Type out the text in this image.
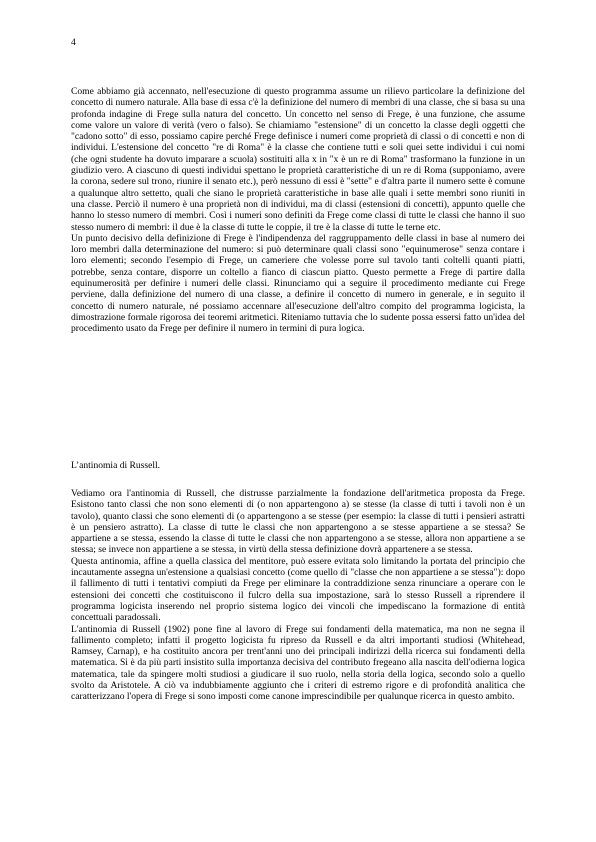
4

Come abbiamo già accennato, nell'esecuzione di questo programma assume un rilievo particolare la definizione del concetto di numero naturale. Alla base di essa c'è la definizione del numero di membri di una classe, che si basa su una profonda indagine di Frege sulla natura del concetto. Un concetto nel senso di Frege, è una funzione, che assume come valore un valore di verità (vero o falso). Se chiamiamo "estensione" di un concetto la classe degli oggetti che "cadono sotto" di esso, possiamo capire perché Frege definisce i numeri come proprietà di classi o di concetti e non di individui. L'estensione del concetto "re di Roma" è la classe che contiene tutti e soli quei sette individui i cui nomi (che ogni studente ha dovuto imparare a scuola) sostituiti alla x in "x è un re di Roma" trasformano la funzione in un giudizio vero. A ciascuno di questi individui spettano le proprietà caratteristiche di un re di Roma (supponiamo, avere la corona, sedere sul trono, riunire il senato etc.), però nessuno di essi è "sette" e d'altra parte il numero sette è comune a qualunque altro settetto, quali che siano le proprietà caratteristiche in base alle quali i sette membri sono riuniti in una classe. Perciò il numero è una proprietà non di individui, ma di classi (estensioni di concetti), appunto quelle che hanno lo stesso numero di membri. Così i numeri sono definiti da Frege come classi di tutte le classi che hanno il suo stesso numero di membri: il due è la classe di tutte le coppie, il tre è la classe di tutte le terne etc.

Un punto decisivo della definizione di Frege è l'indipendenza del raggruppamento delle classi in base al numero dei loro membri dalla determinazione del numero: si può determinare quali classi sono "equinumerose" senza contare i loro elementi; secondo l'esempio di Frege, un cameriere che volesse porre sul tavolo tanti coltelli quanti piatti, potrebbe, senza contare, disporre un coltello a fianco di ciascun piatto. Questo permette a Frege di partire dalla equinumerosità per definire i numeri delle classi. Rinunciamo qui a seguire il procedimento mediante cui Frege perviene, dalla definizione del numero di una classe, a definire il concetto di numero in generale, e in seguito il concetto di numero naturale, né possiamo accennare all'esecuzione dell'altro compito del programma logicista, la dimostrazione formale rigorosa dei teoremi aritmetici. Riteniamo tuttavia che lo sudente possa essersi fatto un'idea del procedimento usato da Frege per definire il numero in termini di pura logica.

L’antinomia di Russell.

Vediamo ora l'antinomia di Russell, che distrusse parzialmente la fondazione dell'aritmetica proposta da Frege. Esistono tanto classi che non sono elementi di (o non appartengono a) se stesse (la classe di tutti i tavoli non è un tavolo), quanto classi che sono elementi di (o appartengono a se stesse (per esempio: la classe di tutti i pensieri astratti è un pensiero astratto). La classe di tutte le classi che non appartengono a se stesse appartiene a se stessa? Se appartiene a se stessa, essendo la classe di tutte le classi che non appartengono a se stesse, allora non appartiene a se stessa; se invece non appartiene a se stessa, in virtù della stessa definizione dovrà appartenere a se stessa.

Questa antinomia, affine a quella classica del mentitore, può essere evitata solo limitando la portata del principio che incautamente assegna un'estensione a qualsiasi concetto (come quello di "classe che non appartiene a se stessa"): dopo il fallimento di tutti i tentativi compiuti da Frege per eliminare la contraddizione senza rinunciare a operare con le estensioni dei concetti che costituiscono il fulcro della sua impostazione, sarà lo stesso Russell a riprendere il programma logicista inserendo nel proprio sistema logico dei vincoli che impediscano la formazione di entità concettuali paradossali.

L'antinomia di Russell (1902) pone fine al lavoro di Frege sui fondamenti della matematica, ma non ne segna il fallimento completo; infatti il progetto logicista fu ripreso da Russell e da altri importanti studiosi (Whitehead, Ramsey, Carnap), e ha costituito ancora per trent'anni uno dei principali indirizzi della ricerca sui fondamenti della matematica. Si è da più parti insistito sulla importanza decisiva del contributo fregeano alla nascita dell'odierna logica matematica, tale da spingere molti studiosi a giudicare il suo ruolo, nella storia della logica, secondo solo a quello svolto da Aristotele. A ciò va indubbiamente aggiunto che i criteri di estremo rigore e di profondità analitica che caratterizzano l'opera di Frege si sono imposti come canone imprescindibile per qualunque ricerca in questo ambito.
